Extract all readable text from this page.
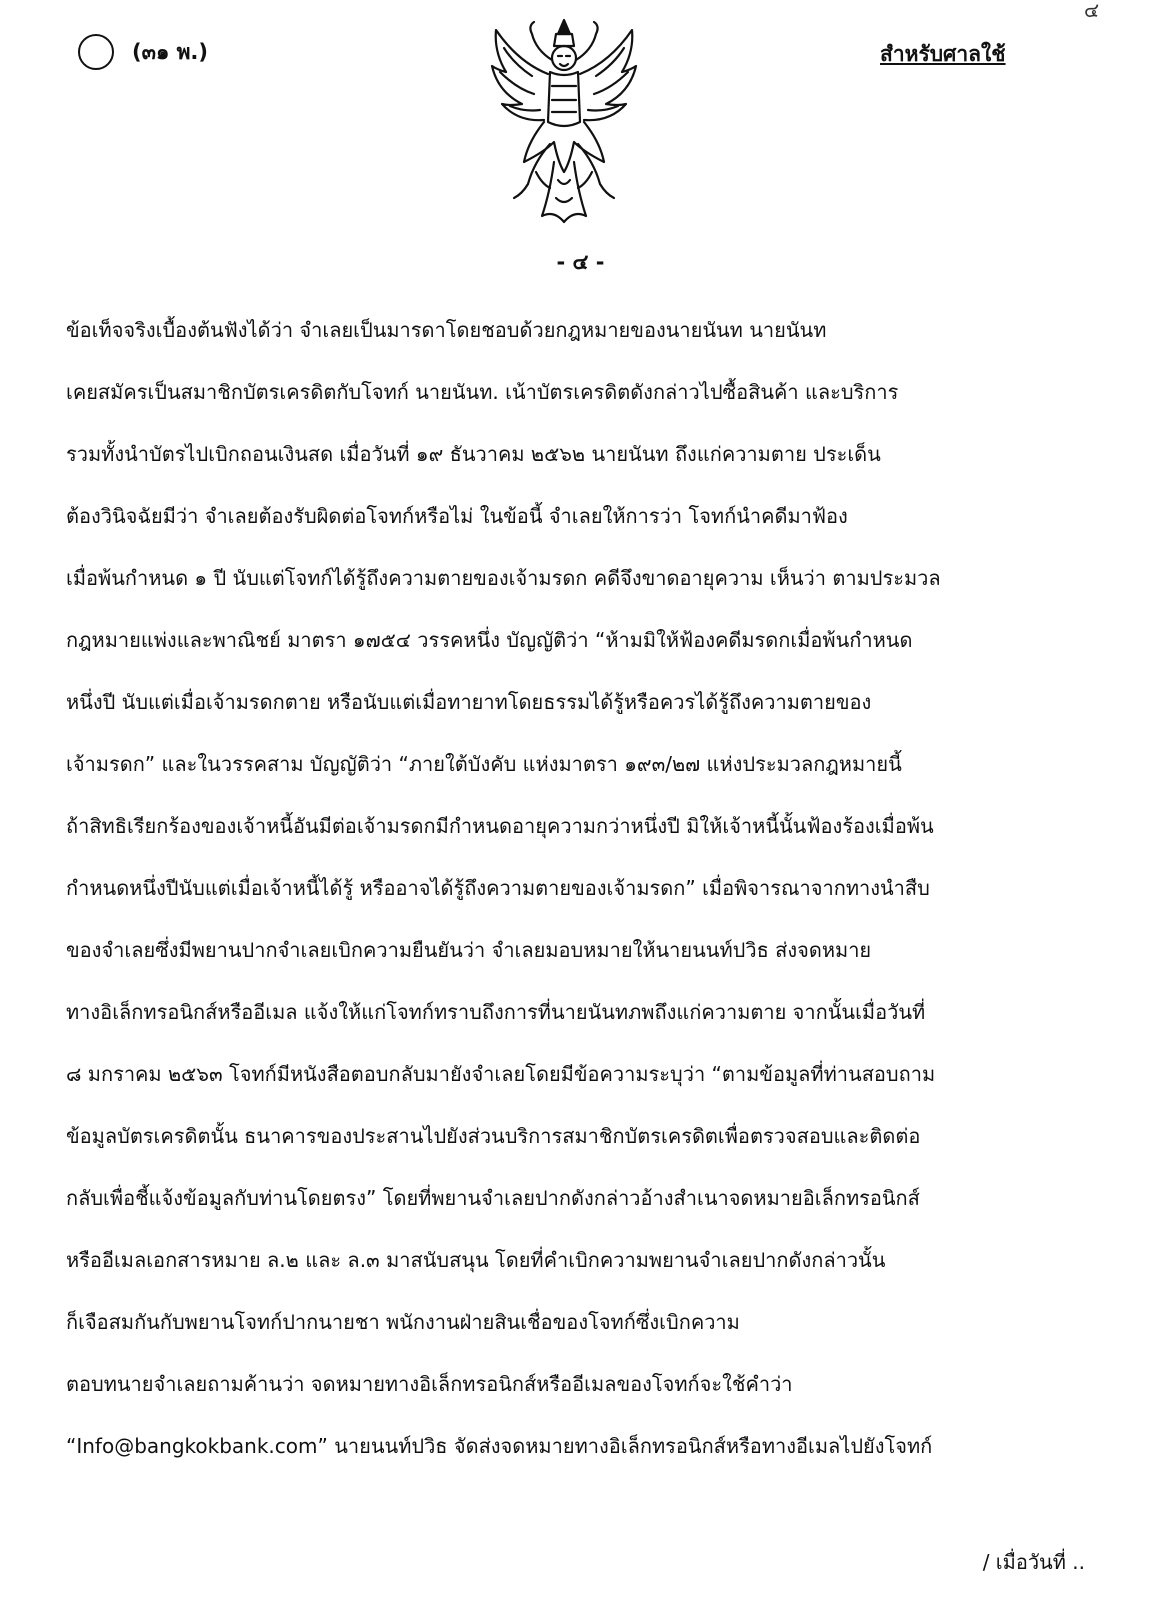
(๓๑ พ.)
๔
สำหรับศาลใช้
- ๔ -
ข้อเท็จจริงเบื้องต้นฟังได้ว่า จำเลยเป็นมารดาโดยชอบด้วยกฎหมายของนายนันท นายนันท
เคยสมัครเป็นสมาชิกบัตรเครดิตกับโจทก์ นายนันท. เน้าบัตรเครดิตดังกล่าวไปซื้อสินค้า และบริการ
รวมทั้งนำบัตรไปเบิกถอนเงินสด เมื่อวันที่ ๑๙ ธันวาคม ๒๕๖๒ นายนันท ถึงแก่ความตาย ประเด็น
ต้องวินิจฉัยมีว่า จำเลยต้องรับผิดต่อโจทก์หรือไม่ ในข้อนี้ จำเลยให้การว่า โจทก์นำคดีมาฟ้อง
เมื่อพ้นกำหนด ๑ ปี นับแต่โจทก์ได้รู้ถึงความตายของเจ้ามรดก คดีจึงขาดอายุความ เห็นว่า ตามประมวล
กฎหมายแพ่งและพาณิชย์ มาตรา ๑๗๕๔ วรรคหนึ่ง บัญญัติว่า “ห้ามมิให้ฟ้องคดีมรดกเมื่อพ้นกำหนด
หนึ่งปี นับแต่เมื่อเจ้ามรดกตาย หรือนับแต่เมื่อทายาทโดยธรรมได้รู้หรือควรได้รู้ถึงความตายของ
เจ้ามรดก” และในวรรคสาม บัญญัติว่า “ภายใต้บังคับ แห่งมาตรา ๑๙๓/๒๗ แห่งประมวลกฎหมายนี้
ถ้าสิทธิเรียกร้องของเจ้าหนี้อันมีต่อเจ้ามรดกมีกำหนดอายุความกว่าหนึ่งปี มิให้เจ้าหนี้นั้นฟ้องร้องเมื่อพ้น
กำหนดหนึ่งปีนับแต่เมื่อเจ้าหนี้ได้รู้ หรืออาจได้รู้ถึงความตายของเจ้ามรดก” เมื่อพิจารณาจากทางนำสืบ
ของจำเลยซึ่งมีพยานปากจำเลยเบิกความยืนยันว่า จำเลยมอบหมายให้นายนนท์ปวิธ ส่งจดหมาย
ทางอิเล็กทรอนิกส์หรืออีเมล แจ้งให้แก่โจทก์ทราบถึงการที่นายนันทภพถึงแก่ความตาย จากนั้นเมื่อวันที่
๘ มกราคม ๒๕๖๓ โจทก์มีหนังสือตอบกลับมายังจำเลยโดยมีข้อความระบุว่า “ตามข้อมูลที่ท่านสอบถาม
ข้อมูลบัตรเครดิตนั้น ธนาคารของประสานไปยังส่วนบริการสมาชิกบัตรเครดิตเพื่อตรวจสอบและติดต่อ
กลับเพื่อชี้แจ้งข้อมูลกับท่านโดยตรง” โดยที่พยานจำเลยปากดังกล่าวอ้างสำเนาจดหมายอิเล็กทรอนิกส์
หรืออีเมลเอกสารหมาย ล.๒ และ ล.๓ มาสนับสนุน โดยที่คำเบิกความพยานจำเลยปากดังกล่าวนั้น
ก็เจือสมกันกับพยานโจทก์ปากนายชา พนักงานฝ่ายสินเชื่อของโจทก์ซึ่งเบิกความ
ตอบทนายจำเลยถามค้านว่า จดหมายทางอิเล็กทรอนิกส์หรืออีเมลของโจทก์จะใช้คำว่า
“Info@bangkokbank.com” นายนนท์ปวิธ จัดส่งจดหมายทางอิเล็กทรอนิกส์หรือทางอีเมลไปยังโจทก์
/ เมื่อวันที่ ..
